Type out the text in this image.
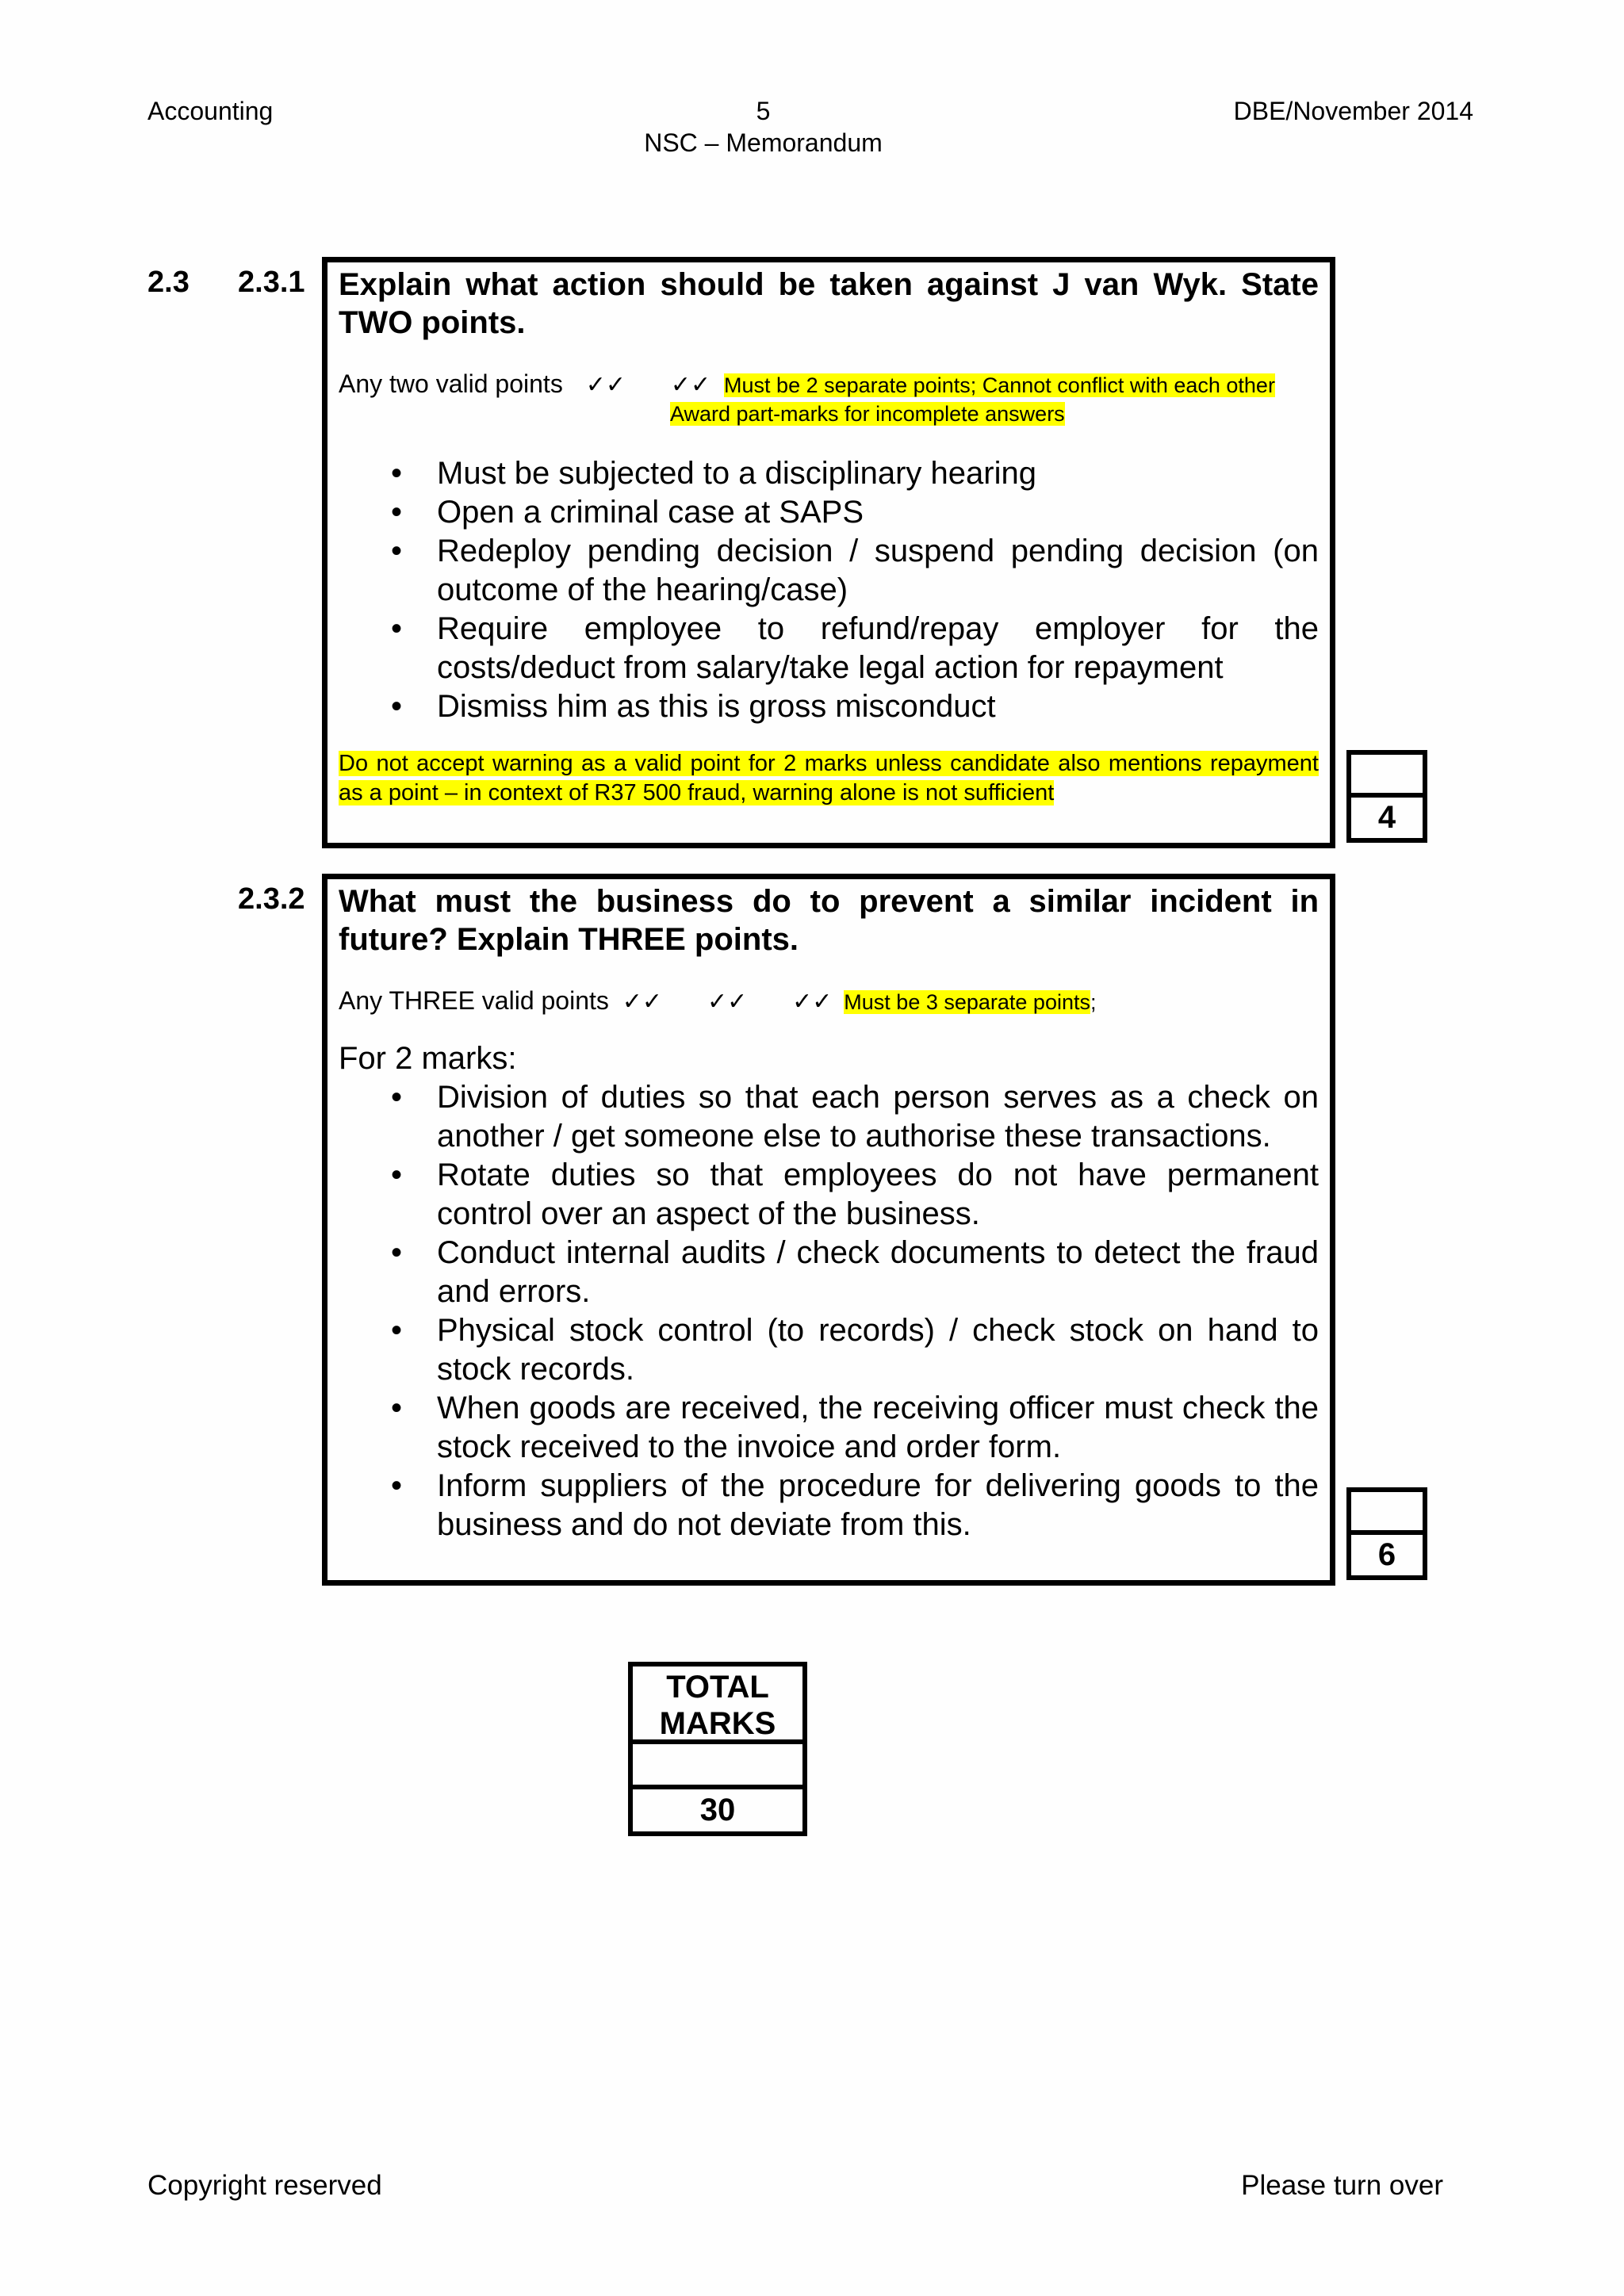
Accounting	5
NSC – Memorandum
DBE/November 2014
2.3 2.3.1
2.3.2
Explain what action should be taken against J van Wyk. State TWO points.
Any two valid points ✓✓ ✓✓ Must be 2 separate points; Cannot conflict with each other
Award part-marks for incomplete answers
• Must be subjected to a disciplinary hearing
• Open a criminal case at SAPS
• Redeploy pending decision / suspend pending decision (on outcome of the hearing/case)
• Require employee to refund/repay employer for the costs/deduct from salary/take legal action for repayment
• Dismiss him as this is gross misconduct
Do not accept warning as a valid point for 2 marks unless candidate also mentions repayment as a point – in context of R37 500 fraud, warning alone is not sufficient
4
What must the business do to prevent a similar incident in future? Explain THREE points.
Any THREE valid points ✓✓ ✓✓ ✓✓ Must be 3 separate points;
For 2 marks:
• Division of duties so that each person serves as a check on another / get someone else to authorise these transactions.
• Rotate duties so that employees do not have permanent control over an aspect of the business.
• Conduct internal audits / check documents to detect the fraud and errors.
• Physical stock control (to records) / check stock on hand to stock records.
• When goods are received, the receiving officer must check the stock received to the invoice and order form.
• Inform suppliers of the procedure for delivering goods to the business and do not deviate from this.
6
TOTAL
MARKS
30
Copyright reserved	Please turn over
